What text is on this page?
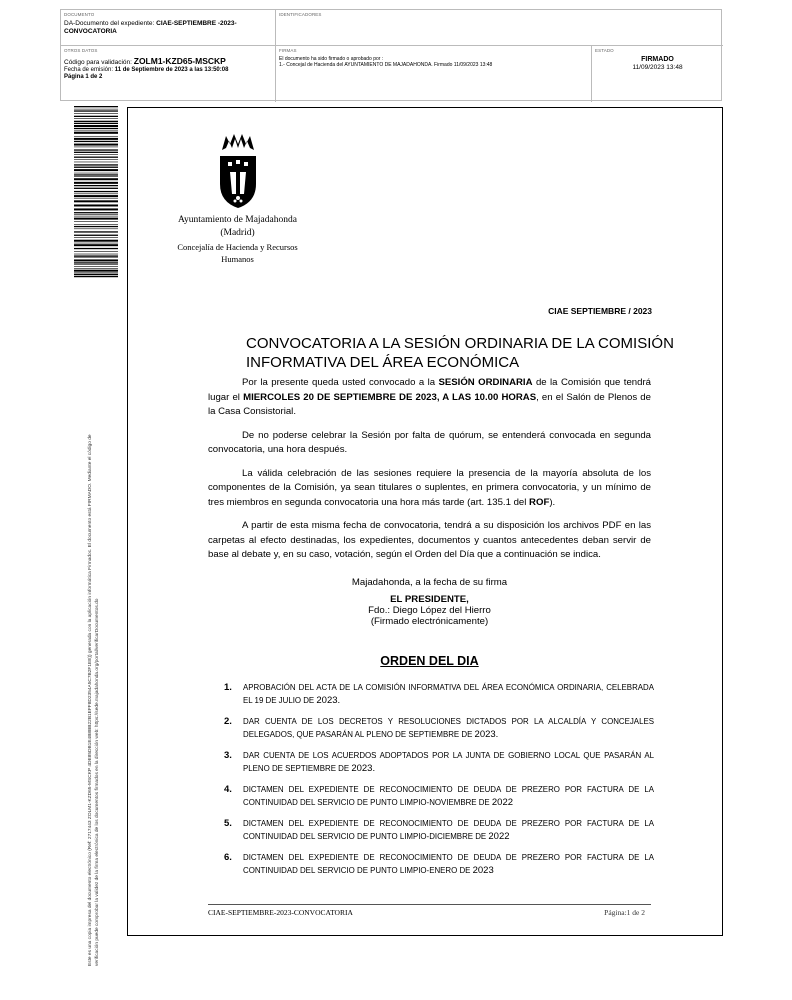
DOCUMENTO
DA-Documento del expediente: CIAE-SEPTIEMBRE -2023-CONVOCATORIA
IDENTIFICADORES
OTROS DATOS
Código para validación: ZOLM1-KZD65-MSCKP
Fecha de emisión: 11 de Septiembre de 2023 a las 13:50:08
Página 1 de 2
FIRMAS
El documento ha sido firmado o aprobado por :
1.- Concejal de Hacienda del AYUNTAMIENTO DE MAJADAHONDA. Firmado 11/09/2023 13:48
ESTADO
FIRMADO
11/09/2023 13:48
Este es una copia impresa del documento electrónico (Ref: 2717443 ZOLM1-KZD65-MSCKP 4DE85DB1E4B8BB22B1EFF8D2354A5C7B2F1EE)) generada con la aplicación informática Firmadoc. El documento está FIRMADO. Mediante el código de verificación puede comprobar la validez de la firma electrónica de los documentos firmados en la dirección web: https://sede.majadahonda.org/portal/verificarDocumentos.do
Ayuntamiento de Majadahonda
(Madrid)
Concejalía de Hacienda y Recursos Humanos
CIAE SEPTIEMBRE / 2023
CONVOCATORIA A LA SESIÓN ORDINARIA DE LA COMISIÓN INFORMATIVA DEL ÁREA ECONÓMICA

Por la presente queda usted convocado a la SESIÓN ORDINARIA de la Comisión que tendrá lugar el MIERCOLES 20 DE SEPTIEMBRE DE 2023, A LAS 10.00 HORAS, en el Salón de Plenos de la Casa Consistorial.

De no poderse celebrar la Sesión por falta de quórum, se entenderá convocada en segunda convocatoria, una hora después.

La válida celebración de las sesiones requiere la presencia de la mayoría absoluta de los componentes de la Comisión, ya sean titulares o suplentes, en primera convocatoria, y un mínimo de tres miembros en segunda convocatoria una hora más tarde (art. 135.1 del ROF).

A partir de esta misma fecha de convocatoria, tendrá a su disposición los archivos PDF en las carpetas al efecto destinadas, los expedientes, documentos y cuantos antecedentes deban servir de base al debate y, en su caso, votación, según el Orden del Día que a continuación se indica.

Majadahonda, a la fecha de su firma
EL PRESIDENTE,
Fdo.: Diego López del Hierro
(Firmado electrónicamente)
ORDEN DEL DIA
1. APROBACIÓN DEL ACTA DE LA COMISIÓN INFORMATIVA DEL ÁREA ECONÓMICA ORDINARIA, CELEBRADA EL 19 DE JULIO DE 2023.
2. DAR CUENTA DE LOS DECRETOS Y RESOLUCIONES DICTADOS POR LA ALCALDÍA Y CONCEJALES DELEGADOS, QUE PASARÁN AL PLENO DE SEPTIEMBRE DE 2023.
3. DAR CUENTA DE LOS ACUERDOS ADOPTADOS POR LA JUNTA DE GOBIERNO LOCAL QUE PASARÁN AL PLENO DE SEPTIEMBRE DE 2023.
4. DICTAMEN DEL EXPEDIENTE DE RECONOCIMIENTO DE DEUDA DE PREZERO POR FACTURA DE LA CONTINUIDAD DEL SERVICIO DE PUNTO LIMPIO-NOVIEMBRE DE 2022
5. DICTAMEN DEL EXPEDIENTE DE RECONOCIMIENTO DE DEUDA DE PREZERO POR FACTURA DE LA CONTINUIDAD DEL SERVICIO DE PUNTO LIMPIO-DICIEMBRE DE 2022
6. DICTAMEN DEL EXPEDIENTE DE RECONOCIMIENTO DE DEUDA DE PREZERO POR FACTURA DE LA CONTINUIDAD DEL SERVICIO DE PUNTO LIMPIO-ENERO DE 2023
CIAE-SEPTIEMBRE-2023-CONVOCATORIA	Página:1 de 2
